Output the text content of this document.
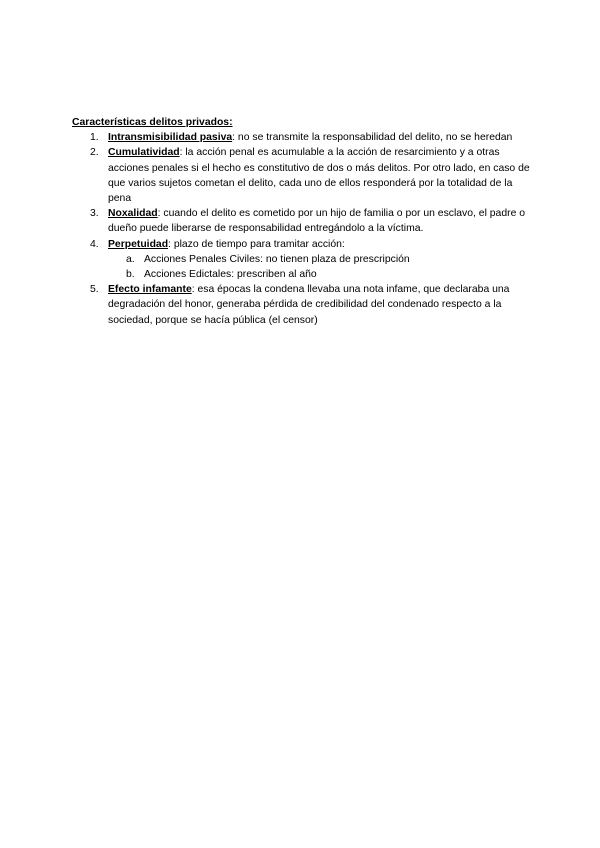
Características delitos privados:

1. Intransmisibilidad pasiva: no se transmite la responsabilidad del delito, no se heredan
2. Cumulatividad: la acción penal es acumulable a la acción de resarcimiento y a otras acciones penales si el hecho es constitutivo de dos o más delitos. Por otro lado, en caso de que varios sujetos cometan el delito, cada uno de ellos responderá por la totalidad de la pena
3. Noxalidad: cuando el delito es cometido por un hijo de familia o por un esclavo, el padre o dueño puede liberarse de responsabilidad entregándolo a la víctima.
4. Perpetuidad: plazo de tiempo para tramitar acción:
a. Acciones Penales Civiles: no tienen plaza de prescripción
b. Acciones Edictales: prescriben al año
5. Efecto infamante: esa épocas la condena llevaba una nota infame, que declaraba una degradación del honor, generaba pérdida de credibilidad del condenado respecto a la sociedad, porque se hacía pública (el censor)
